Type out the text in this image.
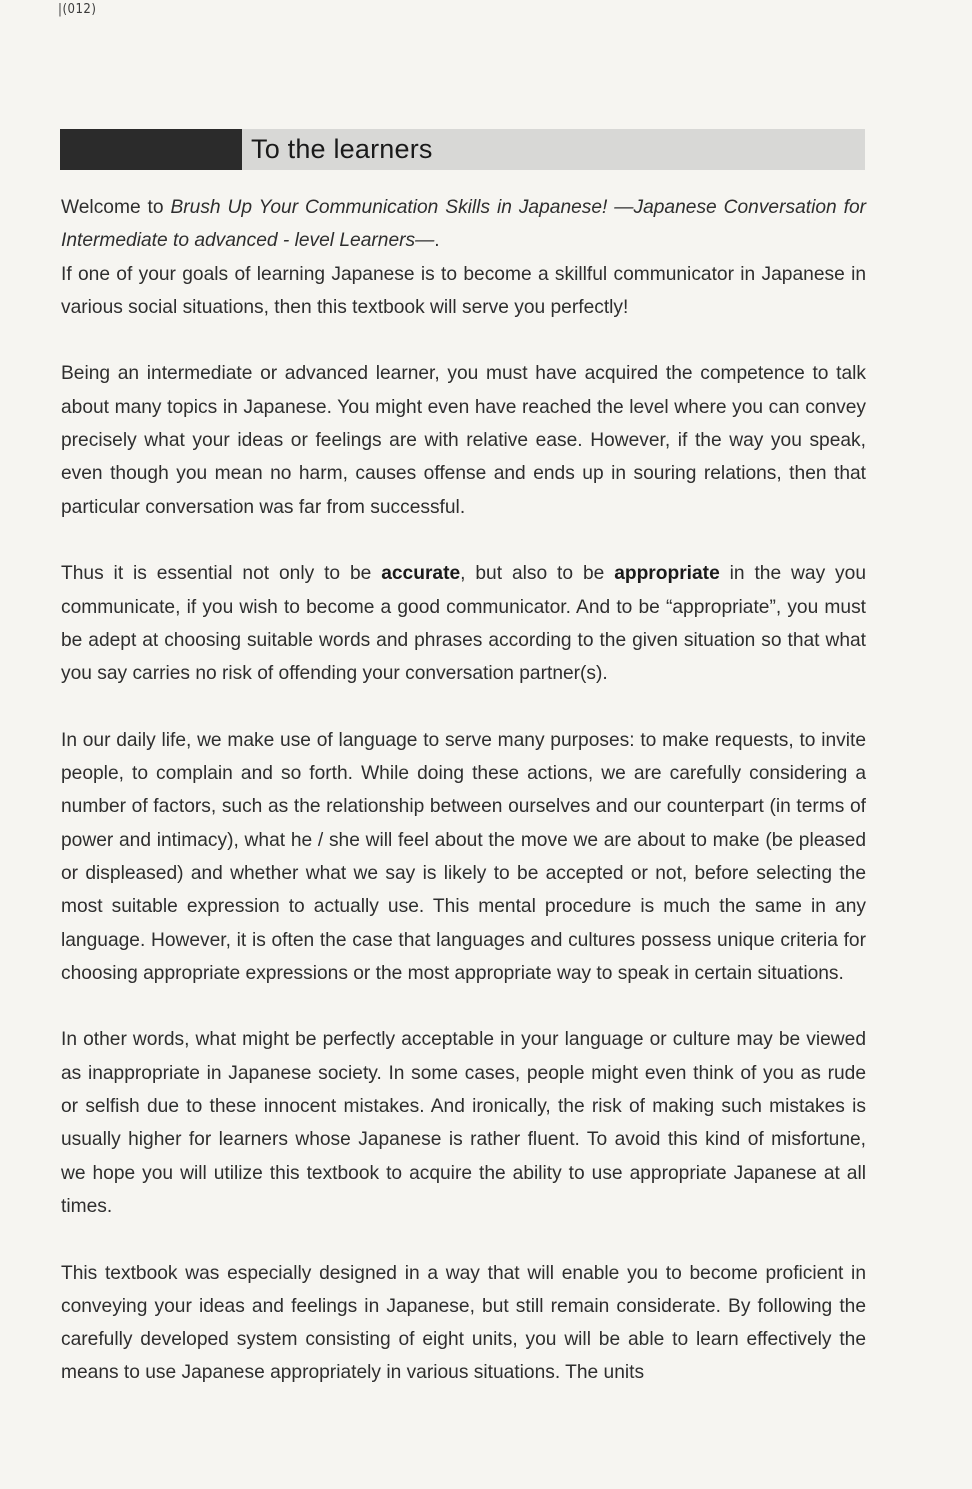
|(012)
To the learners

Welcome to Brush Up Your Communication Skills in Japanese! —Japanese Conversation for Intermediate to advanced - level Learners—.

If one of your goals of learning Japanese is to become a skillful communicator in Japanese in various social situations, then this textbook will serve you perfectly!

Being an intermediate or advanced learner, you must have acquired the competence to talk about many topics in Japanese. You might even have reached the level where you can convey precisely what your ideas or feelings are with relative ease. However, if the way you speak, even though you mean no harm, causes offense and ends up in souring relations, then that particular conversation was far from successful.

Thus it is essential not only to be accurate, but also to be appropriate in the way you communicate, if you wish to become a good communicator. And to be “appropriate”, you must be adept at choosing suitable words and phrases according to the given situation so that what you say carries no risk of offending your conversation partner(s).

In our daily life, we make use of language to serve many purposes: to make requests, to invite people, to complain and so forth. While doing these actions, we are carefully considering a number of factors, such as the relationship between ourselves and our counterpart (in terms of power and intimacy), what he / she will feel about the move we are about to make (be pleased or displeased) and whether what we say is likely to be accepted or not, before selecting the most suitable expression to actually use. This mental procedure is much the same in any language. However, it is often the case that languages and cultures possess unique criteria for choosing appropriate expressions or the most appropriate way to speak in certain situations.

In other words, what might be perfectly acceptable in your language or culture may be viewed as inappropriate in Japanese society. In some cases, people might even think of you as rude or selfish due to these innocent mistakes. And ironically, the risk of making such mistakes is usually higher for learners whose Japanese is rather fluent. To avoid this kind of misfortune, we hope you will utilize this textbook to acquire the ability to use appropriate Japanese at all times.

This textbook was especially designed in a way that will enable you to become proficient in conveying your ideas and feelings in Japanese, but still remain considerate. By following the carefully developed system consisting of eight units, you will be able to learn effectively the means to use Japanese appropriately in various situations. The units
